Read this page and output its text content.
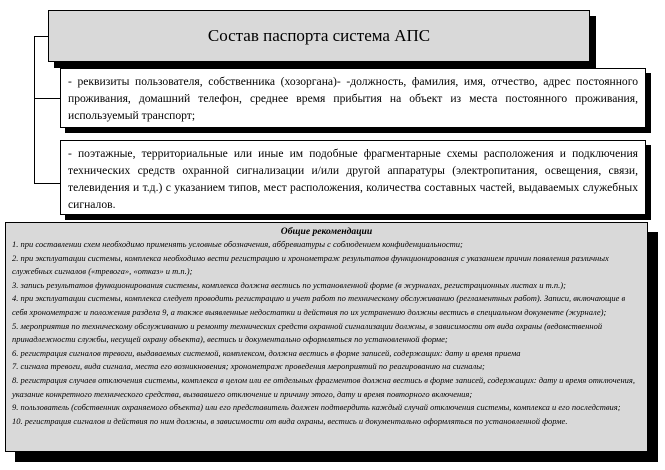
Состав паспорта система АПС
- реквизиты пользователя, собственника (хозоргана)- -должность, фамилия, имя, отчество, адрес постоянного проживания, домашний телефон, среднее время прибытия на объект из места постоянного проживания, используемый транспорт;
- поэтажные, территориальные или иные им подобные фрагментарные схемы расположения и подключения технических средств охранной сигнализации и/или другой аппаратуры (электропитания, освещения, связи, телевидения и т.д.) с указанием типов, мест расположения, количества составных частей, выдаваемых служебных сигналов.
Общие рекомендации

1. при составлении схем необходимо применять условные обозначения, аббревиатуры с соблюдением конфиденциальности;

2. при эксплуатации системы, комплекса необходимо вести регистрацию и хронометраж результатов функционирования с указанием причин появления различных служебных сигналов («тревога», «отказ» и т.п.);

3. запись результатов функционирования системы, комплекса должна вестись по установленной форме (в журналах, регистрационных листах и т.п.);

4. при эксплуатации системы, комплекса следует проводить регистрацию и учет работ по техническому обслуживанию (регламентных работ). Записи, включающие в себя хронометраж и положения раздела 9, а также выявленные недостатки и действия по их устранению должны вестись в специальном документе (журнале);

5. мероприятия по техническому обслуживанию и ремонту технических средств охранной сигнализации должны, в зависимости от вида охраны (ведомственной принадлежности службы, несущей охрану объекта), вестись и документально оформляться по установленной форме;

6. регистрация сигналов тревоги, выдаваемых системой, комплексом, должна вестись в форме записей, содержащих: дату и время приема

7. сигнала тревоги, вида сигнала, места его возникновения; хронометраж проведения мероприятий по реагированию на сигналы;

8. регистрация случаев отключения системы, комплекса в целом или ее отдельных фрагментов должна вестись в форме записей, содержащих: дату и время отключения, указание конкретного технического средства, вызвавшего отключение и причину этого, дату и время повторного включения;

9. пользователь (собственник охраняемого объекта) или его представитель должен подтвердить каждый случай отключения системы, комплекса и его последствия;

10. регистрация сигналов и действия по ним должны, в зависимости от вида охраны, вестись и документально оформляться по установленной форме.
